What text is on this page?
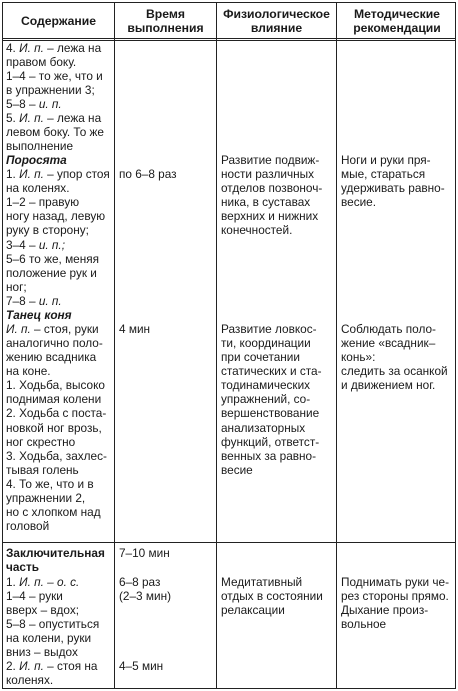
Содержание	Время
выполнения
Физиологическое
влияние
Методические
рекомендации
4. И. п. – лежа на
правом боку.
1–4 – то же, что и
в упражнении 3;
5–8 – и. п.
5. И. п. – лежа на
левом боку. То же
выполнение
Поросята
1. И. п. – упор стоя
на коленях.
1–2 – правую
ногу назад, левую
руку в сторону;
3–4 – и. п.;
5–6 то же, меняя
положение рук и
ног;
7–8 – и. п.
по 6–8 раз
Развитие подвиж-
ности различных
отделов позвоноч-
ника, в суставах
верхних и нижних
конечностей.
Ноги и руки пря-
мые, стараться
удерживать равно-
весие.
Танец коня
И. п. – стоя, руки
аналогично поло-
жению всадника
на коне.
1. Ходьба, высоко
поднимая колени
2. Ходьба с поста-
новкой ног врозь,
ног скрестно
3. Ходьба, захлес-
тывая голень
4. То же, что и в
упражнении 2,
но с хлопком над
головой
4 мин	Развитие ловкос-
ти, координации
при сочетании
статических и ста-
тодинамических
упражнений, со-
вершенствование
анализаторных
функций, ответст-
венных за равно-
весие
Соблюдать поло-
жение «всадник–
конь»:
следить за осанкой
и движением ног.
Заключительная
часть
1. И. п. – о. с.
1–4 – руки
вверх – вдох;
5–8 – опуститься
на колени, руки
вниз – выдох
2. И. п. – стоя на
коленях.
7–10 мин
6–8 раз
(2–3 мин)
4–5 мин
Медитативный
отдых в состоянии
релаксации
Поднимать руки че-
рез стороны прямо.
Дыхание произ-
вольное
